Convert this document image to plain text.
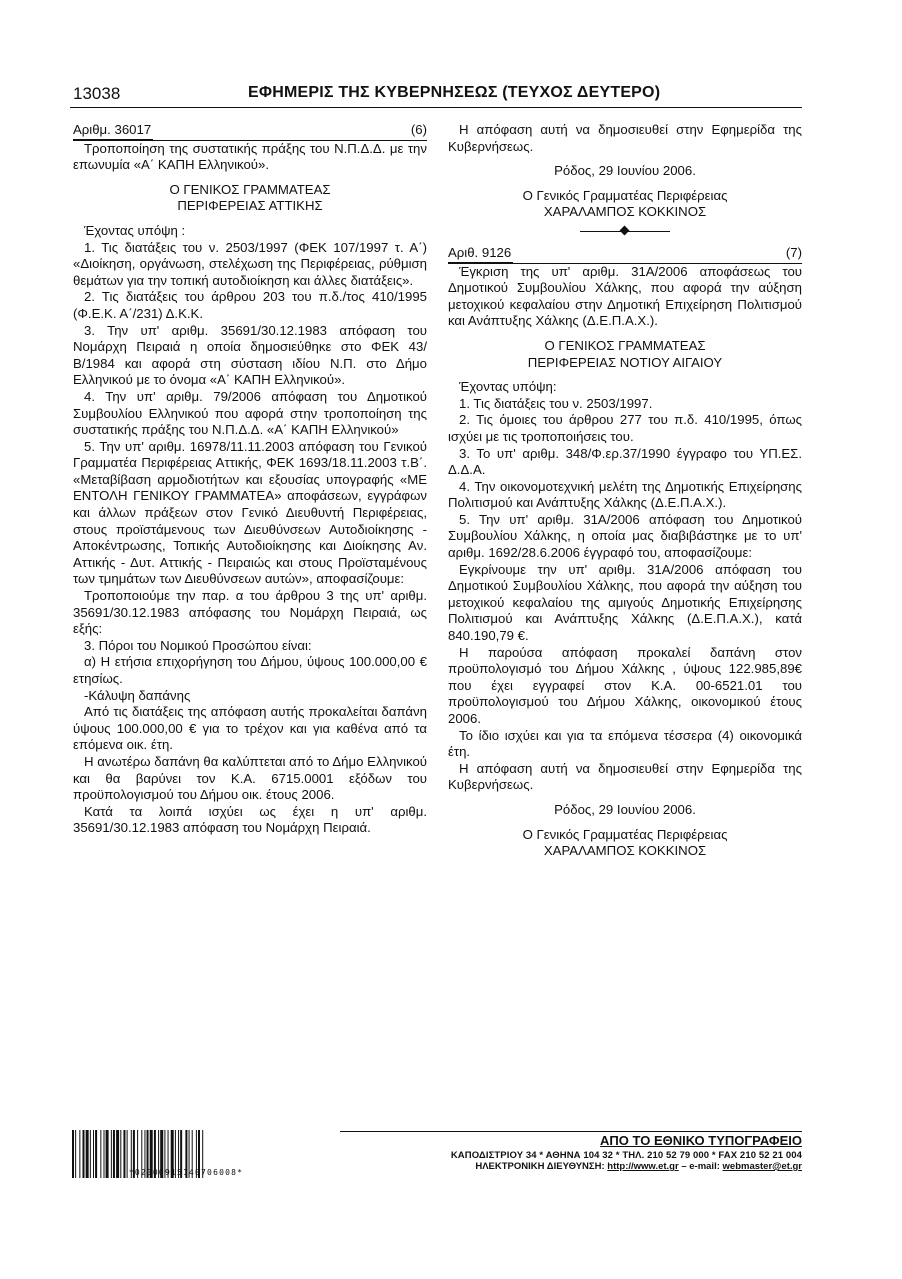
13038	ΕΦΗΜΕΡΙΣ ΤΗΣ ΚΥΒΕΡΝΗΣΕΩΣ (ΤΕΥΧΟΣ ΔΕΥΤΕΡΟ)
Αριθμ. 36017	(6)

Τροποποίηση της συστατικής πράξης του Ν.Π.Δ.Δ. με την επωνυμία «Α΄ ΚΑΠΗ Ελληνικού».

Ο ΓΕΝΙΚΟΣ ΓΡΑΜΜΑΤΕΑΣ

ΠΕΡΙΦΕΡΕΙΑΣ ΑΤΤΙΚΗΣ

Έχοντας υπόψη :

1. Τις διατάξεις του ν. 2503/1997 (ΦΕΚ 107/1997 τ. Α΄) «Διοίκηση, οργάνωση, στελέχωση της Περιφέρειας, ρύθμιση θεμάτων για την τοπική αυτοδιοίκηση και άλλες διατάξεις».

2. Τις διατάξεις του άρθρου 203 του π.δ./τος 410/1995 (Φ.Ε.Κ. Α΄/231) Δ.Κ.Κ.

3. Την υπ' αριθμ. 35691/30.12.1983 απόφαση του Νομάρχη Πειραιά η οποία δημοσιεύθηκε στο ΦΕΚ 43/Β/1984 και αφορά στη σύσταση ιδίου Ν.Π. στο Δήμο Ελληνικού με το όνομα «Α΄ ΚΑΠΗ Ελληνικού».

4. Την υπ' αριθμ. 79/2006 απόφαση του Δημοτικού Συμβουλίου Ελληνικού που αφορά στην τροποποίηση της συστατικής πράξης του Ν.Π.Δ.Δ. «Α΄ ΚΑΠΗ Ελληνικού»

5. Την υπ' αριθμ. 16978/11.11.2003 απόφαση του Γενικού Γραμματέα Περιφέρειας Αττικής, ΦΕΚ 1693/18.11.2003 τ.Β΄. «Μεταβίβαση αρμοδιοτήτων και εξουσίας υπογραφής «ΜΕ ΕΝΤΟΛΗ ΓΕΝΙΚΟΥ ΓΡΑΜΜΑΤΕΑ» αποφάσεων, εγγράφων και άλλων πράξεων στον Γενικό Διευθυντή Περιφέρειας, στους προϊστάμενους των Διευθύνσεων Αυτοδιοίκησης - Αποκέντρωσης, Τοπικής Αυτοδιοίκησης και Διοίκησης Αν. Αττικής - Δυτ. Αττικής - Πειραιώς και στους Προϊσταμένους των τμημάτων των Διευθύνσεων αυτών», αποφασίζουμε:

Τροποποιούμε την παρ. α του άρθρου 3 της υπ' αριθμ. 35691/30.12.1983 απόφασης του Νομάρχη Πειραιά, ως εξής:

3. Πόροι του Νομικού Προσώπου είναι:

α) Η ετήσια επιχορήγηση του Δήμου, ύψους 100.000,00 € ετησίως.

-Κάλυψη δαπάνης

Από τις διατάξεις της απόφαση αυτής προκαλείται δαπάνη ύψους 100.000,00 € για το τρέχον και για καθένα από τα επόμενα οικ. έτη.

Η ανωτέρω δαπάνη θα καλύπτεται από το Δήμο Ελληνικού και θα βαρύνει τον Κ.Α. 6715.0001 εξόδων του προϋπολογισμού του Δήμου οικ. έτους 2006.

Κατά τα λοιπά ισχύει ως έχει η υπ' αριθμ. 35691/30.12.1983 απόφαση του Νομάρχη Πειραιά.

Η απόφαση αυτή να δημοσιευθεί στην Εφημερίδα της Κυβερνήσεως.

Ρόδος, 29 Ιουνίου 2006.

Ο Γενικός Γραμματέας Περιφέρειας

ΧΑΡΑΛΑΜΠΟΣ ΚΟΚΚΙΝΟΣ

Αριθ. 9126	(7)

Έγκριση της υπ' αριθμ. 31Α/2006 αποφάσεως του Δημοτικού Συμβουλίου Χάλκης, που αφορά την αύξηση μετοχικού κεφαλαίου στην Δημοτική Επιχείρηση Πολιτισμού και Ανάπτυξης Χάλκης (Δ.Ε.Π.Α.Χ.).

Ο ΓΕΝΙΚΟΣ ΓΡΑΜΜΑΤΕΑΣ

ΠΕΡΙΦΕΡΕΙΑΣ ΝΟΤΙΟΥ ΑΙΓΑΙΟΥ

Έχοντας υπόψη:

1. Τις διατάξεις του ν. 2503/1997.

2. Τις όμοιες του άρθρου 277 του π.δ. 410/1995, όπως ισχύει με τις τροποποιήσεις του.

3. Το υπ' αριθμ. 348/Φ.ερ.37/1990 έγγραφο του ΥΠ.ΕΣ. Δ.Δ.Α.

4. Την οικονομοτεχνική μελέτη της Δημοτικής Επιχείρησης Πολιτισμού και Ανάπτυξης Χάλκης (Δ.Ε.Π.Α.Χ.).

5. Την υπ' αριθμ. 31Α/2006 απόφαση του Δημοτικού Συμβουλίου Χάλκης, η οποία μας διαβιβάστηκε με το υπ' αριθμ. 1692/28.6.2006 έγγραφό του, αποφασίζουμε:

Εγκρίνουμε την υπ' αριθμ. 31Α/2006 απόφαση του Δημοτικού Συμβουλίου Χάλκης, που αφορά την αύξηση του μετοχικού κεφαλαίου της αμιγούς Δημοτικής Επιχείρησης Πολιτισμού και Ανάπτυξης Χάλκης (Δ.Ε.Π.Α.Χ.), κατά 840.190,79 €.

Η παρούσα απόφαση προκαλεί δαπάνη στον προϋπολογισμό του Δήμου Χάλκης , ύψους 122.985,89€ που έχει εγγραφεί στον Κ.Α. 00-6521.01 του προϋπολογισμού του Δήμου Χάλκης, οικονομικού έτους 2006.

Το ίδιο ισχύει και για τα επόμενα τέσσερα (4) οικονομικά έτη.

Η απόφαση αυτή να δημοσιευθεί στην Εφημερίδα της Κυβερνήσεως.

Ρόδος, 29 Ιουνίου 2006.

Ο Γενικός Γραμματέας Περιφέρειας

ΧΑΡΑΛΑΜΠΟΣ ΚΟΚΚΙΝΟΣ

*02000915140706008*
ΑΠΟ ΤΟ ΕΘΝΙΚΟ ΤΥΠΟΓΡΑΦΕΙΟ
ΚΑΠΟΔΙΣΤΡΙΟΥ 34 * ΑΘΗΝΑ 104 32 * ΤΗΛ. 210 52 79 000 * FAX 210 52 21 004
ΗΛΕΚΤΡΟΝΙΚΗ ΔΙΕΥΘΥΝΣΗ: http://www.et.gr – e-mail: webmaster@et.gr
